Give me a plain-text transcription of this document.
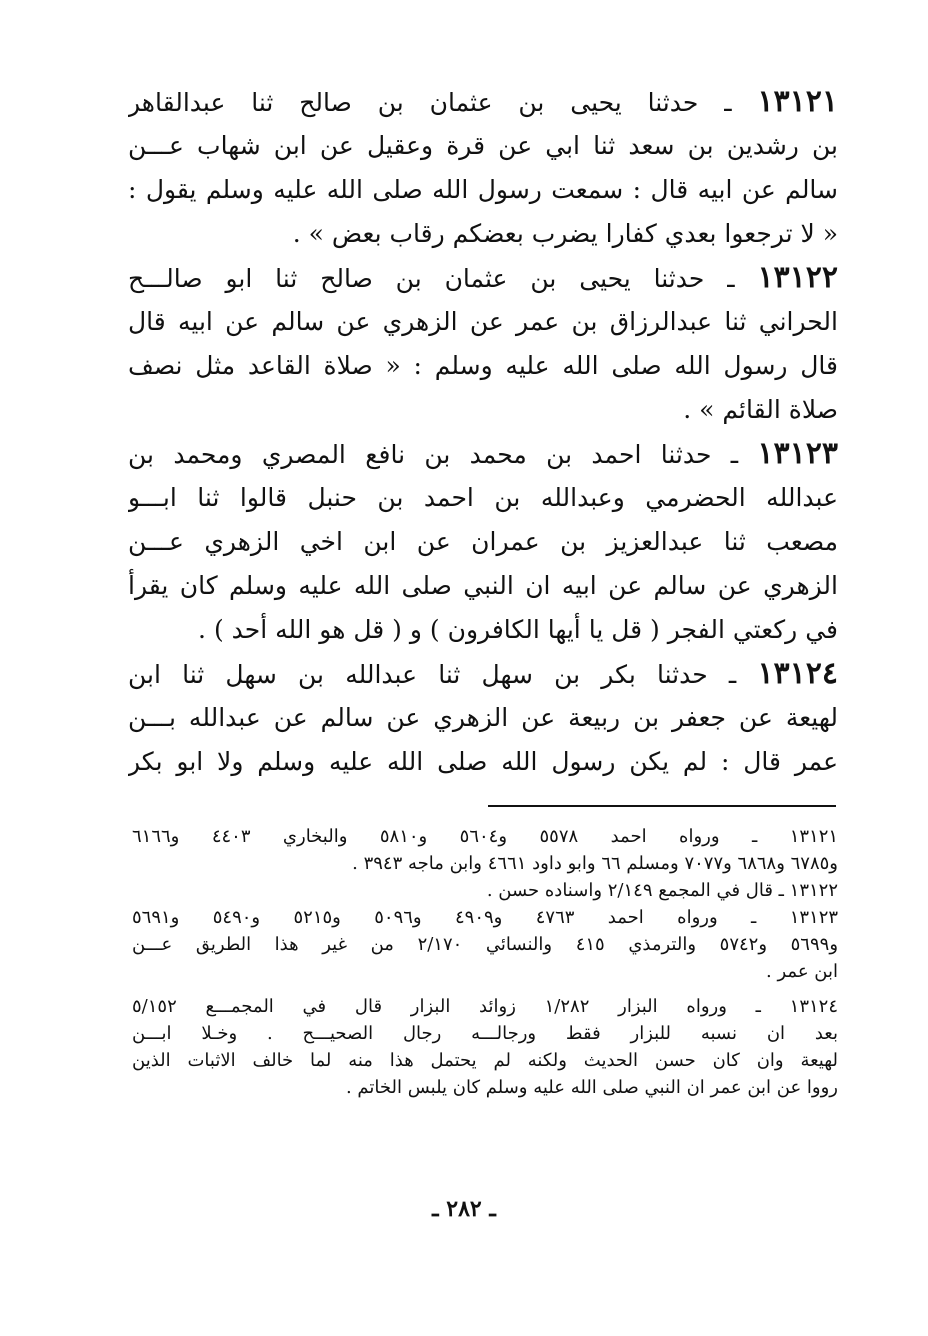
١٣١٢١ ـ حدثنا يحيى بن عثمان بن صالح ثنا عبدالقاهر
بن رشدين بن سعد ثنا ابي عن قرة وعقيل عن ابن شهاب عـــن
سالم عن ابيه قال : سمعت رسول الله صلى الله عليه وسلم يقول :
« لا ترجعوا بعدي كفارا يضرب بعضكم رقاب بعض » .
١٣١٢٢ ـ حدثنا يحيى بن عثمان بن صالح ثنا ابو صالـــح
الحراني ثنا عبدالرزاق بن عمر عن الزهري عن سالم عن ابيه قال
قال رسول الله صلى الله عليه وسلم : « صلاة القاعد مثل نصف
صلاة القائم » .
١٣١٢٣ ـ حدثنا احمد بن محمد بن نافع المصري ومحمد بن
عبدالله الحضرمي وعبدالله بن احمد بن حنبل قالوا ثنا ابـــو
مصعب ثنا عبدالعزيز بن عمران عن ابن اخي الزهري عـــن
الزهري عن سالم عن ابيه ان النبي صلى الله عليه وسلم كان يقرأ
في ركعتي الفجر ( قل يا أيها الكافرون ) و ( قل هو الله أحد ) .
١٣١٢٤ ـ حدثنا بكر بن سهل ثنا عبدالله بن سهل ثنا ابن
لهيعة عن جعفر بن ربيعة عن الزهري عن سالم عن عبدالله بـــن
عمر قال : لم يكن رسول الله صلى الله عليه وسلم ولا ابو بكر
١٣١٢١ ـ ورواه احمد ٥٥٧٨ و٥٦٠٤ و٥٨١٠ والبخاري ٤٤٠٣ و٦١٦٦
و٦٧٨٥ و٦٨٦٨ و٧٠٧٧ ومسلم ٦٦ وابو داود ٤٦٦١ وابن ماجه ٣٩٤٣ .
١٣١٢٢ ـ قال في المجمع ٢/١٤٩ واسناده حسن .
١٣١٢٣ ـ ورواه احمد ٤٧٦٣ و٤٩٠٩ و٥٠٩٦ و٥٢١٥ و٥٤٩٠ و٥٦٩١
و٥٦٩٩ و٥٧٤٢ والترمذي ٤١٥ والنسائي ٢/١٧٠ من غير هذا الطريق عـــن
ابن عمر .
١٣١٢٤ ـ ورواه البزار ١/٢٨٢ زوائد البزار قال في المجمـــع ٥/١٥٢
بعد ان نسبه للبزار فقط ورجالـــه رجال الصحيـــح . وخـلا ابـــن
لهيعة وان كان حسن الحديث ولكنه لم يحتمل هذا منه لما خالف الاثبات الذين
رووا عن ابن عمر ان النبي صلى الله عليه وسلم كان يلبس الخاتم .
ـ ٢٨٢ ـ
